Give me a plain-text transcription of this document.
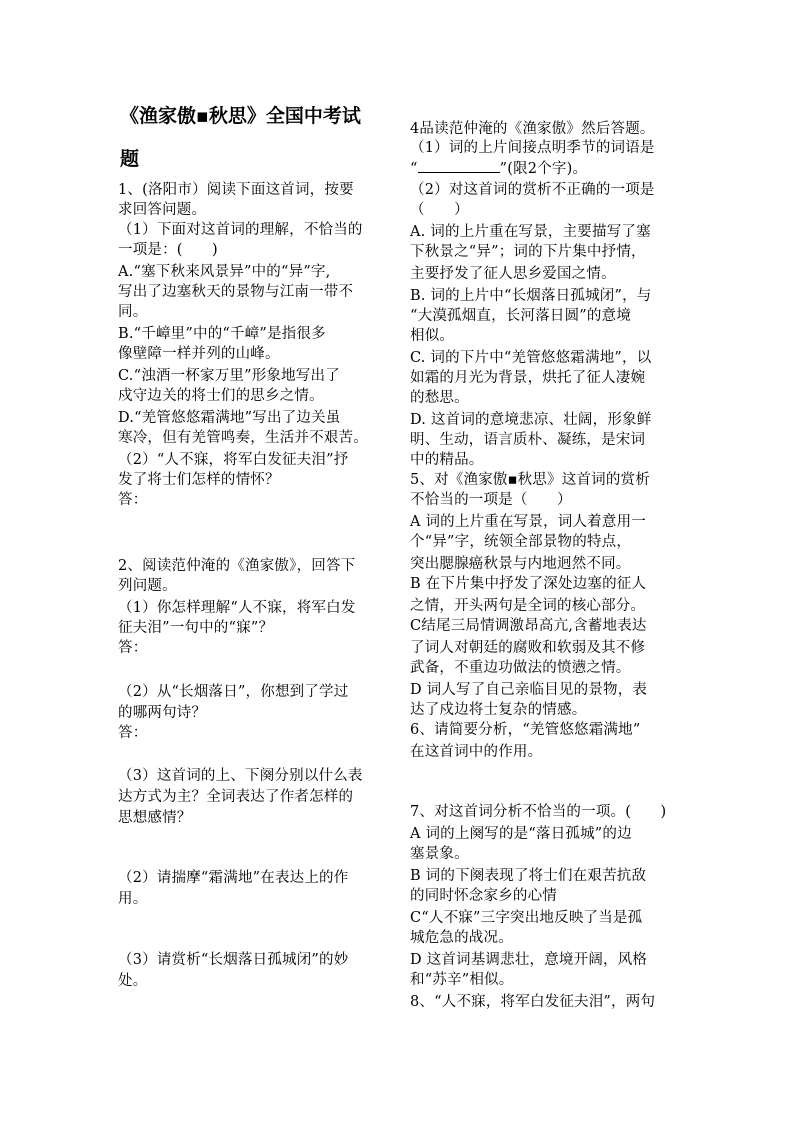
《渔家傲▪秋思》全国中考试
题
1、(洛阳市）阅读下面这首词，按要
求回答问题。
（1）下面对这首词的理解，不恰当的
一项是：(　　)
A.“塞下秋来风景异”中的“异”字,
写出了边塞秋天的景物与江南一带不
同。
B.“千嶂里”中的“千嶂”是指很多
像壁障一样并列的山峰。
C.“浊酒一杯家万里”形象地写出了
戍守边关的将士们的思乡之情。
D.“羌管悠悠霜满地”写出了边关虽
寒冷，但有羌管鸣奏，生活并不艰苦。
（2）“人不寐，将军白发征夫泪”抒
发了将士们怎样的情怀？
答：
2、阅读范仲淹的《渔家傲》，回答下
列问题。
（1）你怎样理解“人不寐，将军白发
征夫泪”一句中的“寐”？
答：
（2）从“长烟落日”，你想到了学过
的哪两句诗？
答：
（3）这首词的上、下阕分别以什么表
达方式为主？全词表达了作者怎样的
思想感情？
（2）请揣摩“霜满地”在表达上的作
用。
（3）请赏析“长烟落日孤城闭”的妙
处。
4品读范仲淹的《渔家傲》然后答题。
（1）词的上片间接点明季节的词语是
“	”(限2个字)。
（2）对这首词的赏析不正确的一项是
（　　）
A. 词的上片重在写景，主要描写了塞
下秋景之“异”；词的下片集中抒情，
主要抒发了征人思乡爱国之情。
B. 词的上片中“长烟落日孤城闭”，与
“大漠孤烟直，长河落日圆”的意境
相似。
C. 词的下片中“羌管悠悠霜满地”，以
如霜的月光为背景，烘托了征人凄婉
的愁思。
D. 这首词的意境悲凉、壮阔，形象鲜
明、生动，语言质朴、凝练，是宋词
中的精品。
5、对《渔家傲▪秋思》这首词的赏析
不恰当的一项是（　　）
A 词的上片重在写景，词人着意用一
个“异”字，统领全部景物的特点，
突出腮腺癌秋景与内地迥然不同。
B 在下片集中抒发了深处边塞的征人
之情，开头两句是全词的核心部分。
C结尾三局情调激昂高亢,含蓄地表达
了词人对朝廷的腐败和软弱及其不修
武备，不重边功做法的愤懑之情。
D 词人写了自己亲临目见的景物，表
达了戍边将士复杂的情感。
6、请简要分析，“羌管悠悠霜满地”
在这首词中的作用。
7、对这首词分析不恰当的一项。(　　)
A 词的上阕写的是“落日孤城”的边
塞景象。
B 词的下阕表现了将士们在艰苦抗敌
的同时怀念家乡的心情
C“人不寐”三字突出地反映了当是孤
城危急的战况。
D 这首词基调悲壮，意境开阔，风格
和“苏辛”相似。
8、“人不寐，将军白发征夫泪”，两句
